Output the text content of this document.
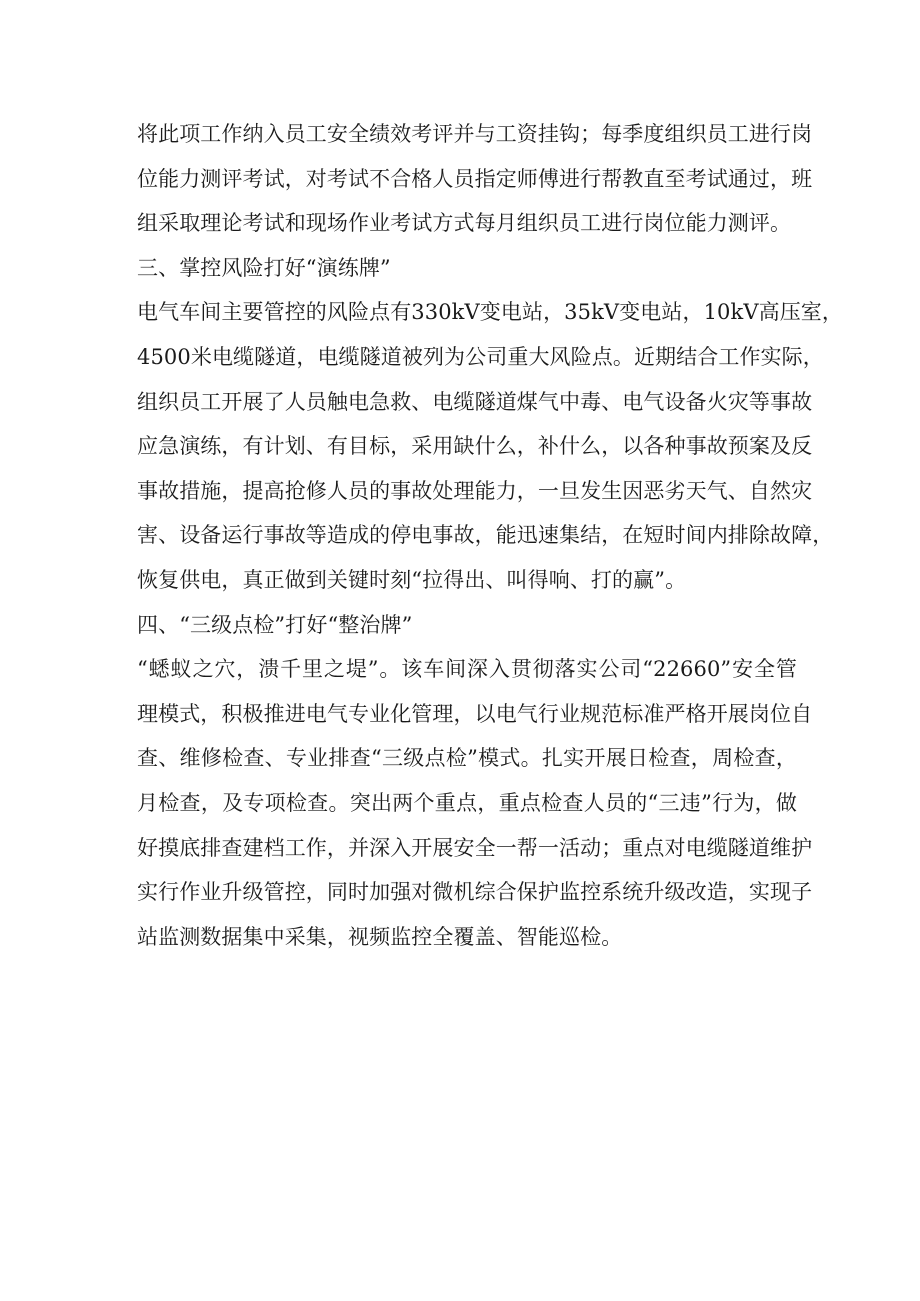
将此项工作纳入员工安全绩效考评并与工资挂钩；每季度组织员工进行岗
位能力测评考试，对考试不合格人员指定师傅进行帮教直至考试通过，班
组采取理论考试和现场作业考试方式每月组织员工进行岗位能力测评。
三、掌控风险打好“演练牌”
电气车间主要管控的风险点有330kV变电站，35kV变电站，10kV高压室，
4500米电缆隧道，电缆隧道被列为公司重大风险点。近期结合工作实际，
组织员工开展了人员触电急救、电缆隧道煤气中毒、电气设备火灾等事故
应急演练，有计划、有目标，采用缺什么，补什么，以各种事故预案及反
事故措施，提高抢修人员的事故处理能力，一旦发生因恶劣天气、自然灾
害、设备运行事故等造成的停电事故，能迅速集结，在短时间内排除故障，
恢复供电，真正做到关键时刻“拉得出、叫得响、打的赢”。
四、“三级点检”打好“整治牌”
“蟋蚁之穴，溃千里之堤”。该车间深入贯彻落实公司“22660”安全管
理模式，积极推进电气专业化管理，以电气行业规范标准严格开展岗位自
查、维修检查、专业排查“三级点检”模式。扎实开展日检查，周检查，
月检查，及专项检查。突出两个重点，重点检查人员的“三违”行为，做
好摸底排查建档工作，并深入开展安全一帮一活动；重点对电缆隧道维护
实行作业升级管控，同时加强对微机综合保护监控系统升级改造，实现子
站监测数据集中采集，视频监控全覆盖、智能巡检。
